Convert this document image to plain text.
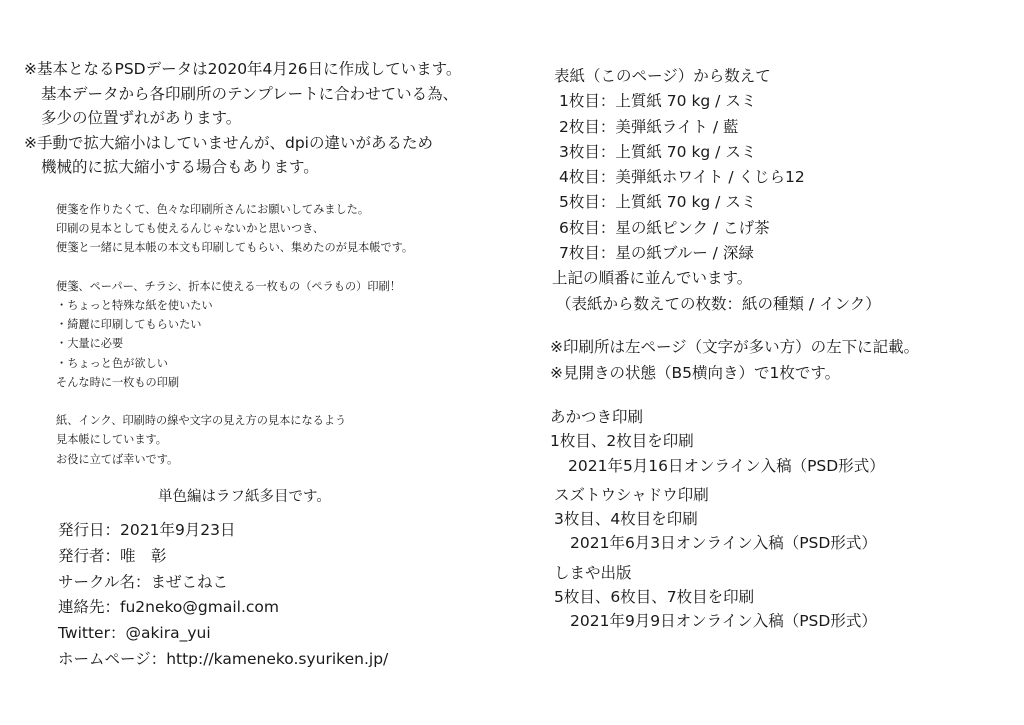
※基本となるPSDデータは2020年4月26日に作成しています。
基本データから各印刷所のテンプレートに合わせている為、
多少の位置ずれがあります。
※手動で拡大縮小はしていませんが、dpiの違いがあるため
機械的に拡大縮小する場合もあります。
便箋を作りたくて、色々な印刷所さんにお願いしてみました。
印刷の見本としても使えるんじゃないかと思いつき、
便箋と一緒に見本帳の本文も印刷してもらい、集めたのが見本帳です。
便箋、ペーパー、チラシ、折本に使える一枚もの（ペラもの）印刷！
・ちょっと特殊な紙を使いたい
・綺麗に印刷してもらいたい
・大量に必要
・ちょっと色が欲しい
そんな時に一枚もの印刷
紙、インク、印刷時の線や文字の見え方の見本になるよう
見本帳にしています。
お役に立てば幸いです。
単色編はラフ紙多目です。
発行日：2021年9月23日
発行者：唯　彰
サークル名：まぜこねこ
連絡先：fu2neko@gmail.com
Twitter：@akira_yui
ホームページ：http://kameneko.syuriken.jp/
表紙（このページ）から数えて
1枚目：上質紙 70 kg / スミ
2枚目：美弾紙ライト / 藍
3枚目：上質紙 70 kg / スミ
4枚目：美弾紙ホワイト / くじら12
5枚目：上質紙 70 kg / スミ
6枚目：星の紙ピンク / こげ茶
7枚目：星の紙ブルー / 深緑
上記の順番に並んでいます。
（表紙から数えての枚数：紙の種類 / インク）
※印刷所は左ページ（文字が多い方）の左下に記載。
※見開きの状態（B5横向き）で1枚です。
あかつき印刷
1枚目、2枚目を印刷
2021年5月16日オンライン入稿（PSD形式）
スズトウシャドウ印刷
3枚目、4枚目を印刷
2021年6月3日オンライン入稿（PSD形式）
しまや出版
5枚目、6枚目、7枚目を印刷
2021年9月9日オンライン入稿（PSD形式）
